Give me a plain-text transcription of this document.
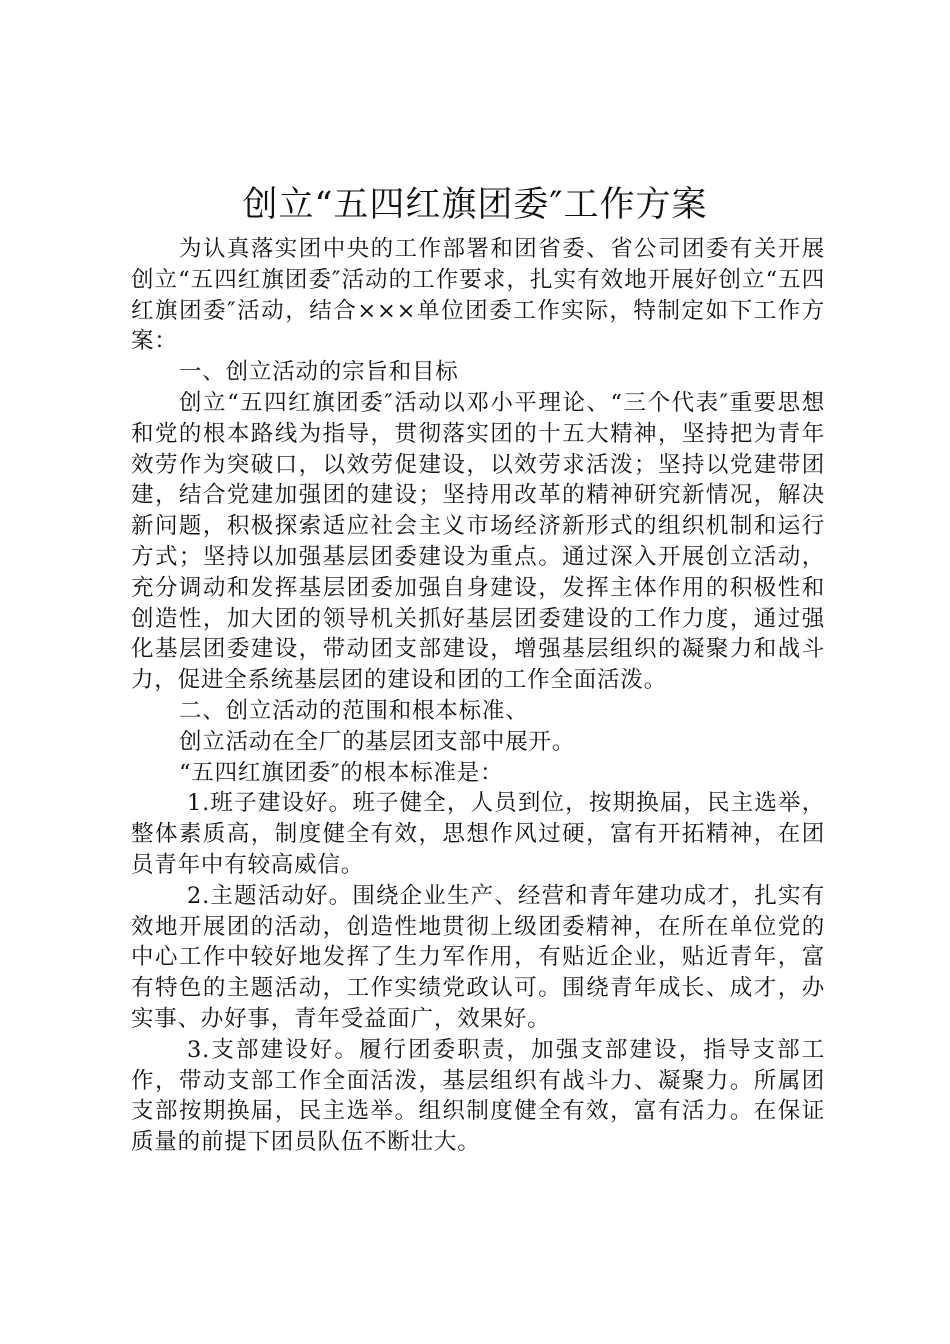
创立“五四红旗团委″工作方案

为认真落实团中央的工作部署和团省委、省公司团委有关开展创立“五四红旗团委″活动的工作要求，扎实有效地开展好创立“五四红旗团委″活动，结合×××单位团委工作实际，特制定如下工作方案：

一、创立活动的宗旨和目标

创立“五四红旗团委″活动以邓小平理论、“三个代表″重要思想和党的根本路线为指导，贯彻落实团的十五大精神，坚持把为青年效劳作为突破口，以效劳促建设，以效劳求活泼；坚持以党建带团建，结合党建加强团的建设；坚持用改革的精神研究新情况，解决新问题，积极探索适应社会主义市场经济新形式的组织机制和运行方式；坚持以加强基层团委建设为重点。通过深入开展创立活动，充分调动和发挥基层团委加强自身建设，发挥主体作用的积极性和创造性，加大团的领导机关抓好基层团委建设的工作力度，通过强化基层团委建设，带动团支部建设，增强基层组织的凝聚力和战斗力，促进全系统基层团的建设和团的工作全面活泼。

二、创立活动的范围和根本标准、

创立活动在全厂的基层团支部中展开。

“五四红旗团委″的根本标准是：

1.班子建设好。班子健全，人员到位，按期换届，民主选举，整体素质高，制度健全有效，思想作风过硬，富有开拓精神，在团员青年中有较高威信。

2.主题活动好。围绕企业生产、经营和青年建功成才，扎实有效地开展团的活动，创造性地贯彻上级团委精神，在所在单位党的中心工作中较好地发挥了生力军作用，有贴近企业，贴近青年，富有特色的主题活动，工作实绩党政认可。围绕青年成长、成才，办实事、办好事，青年受益面广，效果好。

3.支部建设好。履行团委职责，加强支部建设，指导支部工作，带动支部工作全面活泼，基层组织有战斗力、凝聚力。所属团支部按期换届，民主选举。组织制度健全有效，富有活力。在保证质量的前提下团员队伍不断壮大。
